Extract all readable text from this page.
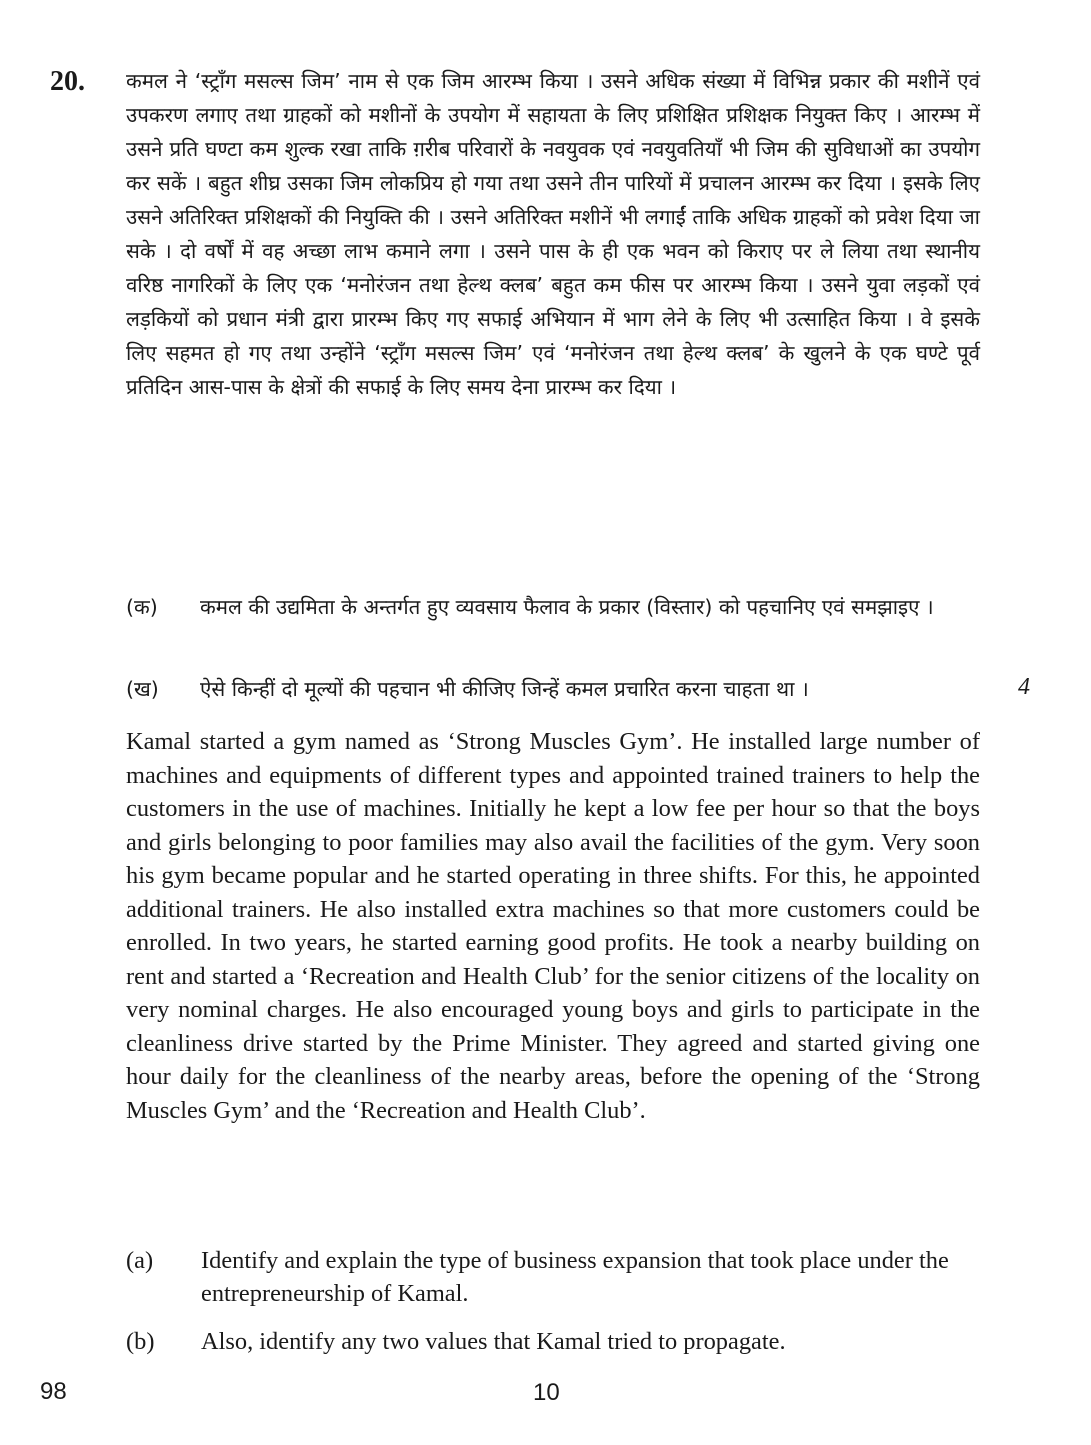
20. कमल ने ‘स्ट्रॉंग मसल्स जिम’ नाम से एक जिम आरम्भ किया । उसने अधिक संख्या में विभिन्न प्रकार की मशीनें एवं उपकरण लगाए तथा ग्राहकों को मशीनों के उपयोग में सहायता के लिए प्रशिक्षित प्रशिक्षक नियुक्त किए । आरम्भ में उसने प्रति घण्टा कम शुल्क रखा ताकि ग़रीब परिवारों के नवयुवक एवं नवयुवतियाँ भी जिम की सुविधाओं का उपयोग कर सकें । बहुत शीघ्र उसका जिम लोकप्रिय हो गया तथा उसने तीन पारियों में प्रचालन आरम्भ कर दिया । इसके लिए उसने अतिरिक्त प्रशिक्षकों की नियुक्ति की । उसने अतिरिक्त मशीनें भी लगाईं ताकि अधिक ग्राहकों को प्रवेश दिया जा सके । दो वर्षों में वह अच्छा लाभ कमाने लगा । उसने पास के ही एक भवन को किराए पर ले लिया तथा स्थानीय वरिष्ठ नागरिकों के लिए एक ‘मनोरंजन तथा हेल्थ क्लब’ बहुत कम फीस पर आरम्भ किया । उसने युवा लड़कों एवं लड़कियों को प्रधान मंत्री द्वारा प्रारम्भ किए गए सफाई अभियान में भाग लेने के लिए भी उत्साहित किया । वे इसके लिए सहमत हो गए तथा उन्होंने ‘स्ट्रॉंग मसल्स जिम’ एवं ‘मनोरंजन तथा हेल्थ क्लब’ के खुलने के एक घण्टे पूर्व प्रतिदिन आस-पास के क्षेत्रों की सफाई के लिए समय देना प्रारम्भ कर दिया ।

(क) कमल की उद्यमिता के अन्तर्गत हुए व्यवसाय फैलाव के प्रकार (विस्तार) को पहचानिए एवं समझाइए ।
(ख) ऐसे किन्हीं दो मूल्यों की पहचान भी कीजिए जिन्हें कमल प्रचारित करना चाहता था ।	4

Kamal started a gym named as ‘Strong Muscles Gym’. He installed large number of machines and equipments of different types and appointed trained trainers to help the customers in the use of machines. Initially he kept a low fee per hour so that the boys and girls belonging to poor families may also avail the facilities of the gym. Very soon his gym became popular and he started operating in three shifts. For this, he appointed additional trainers. He also installed extra machines so that more customers could be enrolled. In two years, he started earning good profits. He took a nearby building on rent and started a ‘Recreation and Health Club’ for the senior citizens of the locality on very nominal charges. He also encouraged young boys and girls to participate in the cleanliness drive started by the Prime Minister. They agreed and started giving one hour daily for the cleanliness of the nearby areas, before the opening of the ‘Strong Muscles Gym’ and the ‘Recreation and Health Club’.

(a) Identify and explain the type of business expansion that took place under the entrepreneurship of Kamal.
(b) Also, identify any two values that Kamal tried to propagate.
98	10
